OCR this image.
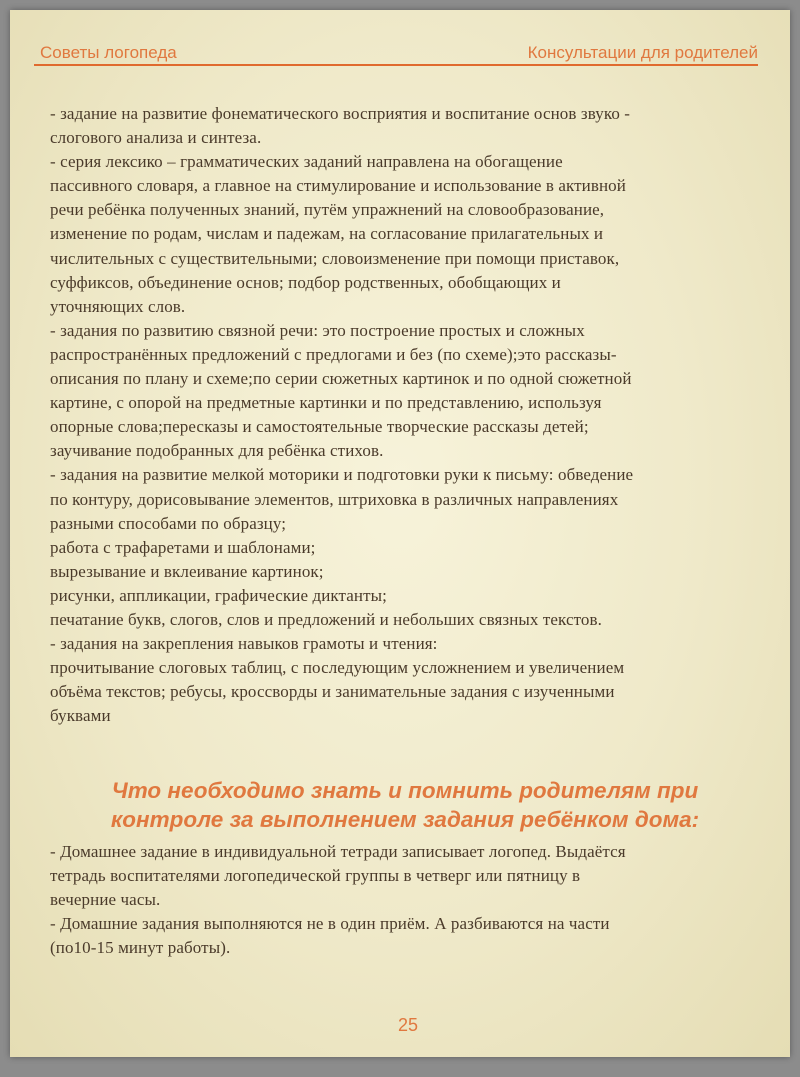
Советы логопеда	Консультации для родителей
- задание на развитие фонематического восприятия и воспитание основ звуко -
слогового анализа и синтеза.
- серия лексико – грамматических заданий направлена на обогащение
пассивного словаря, а главное на стимулирование и использование в активной
речи ребёнка полученных знаний, путём упражнений на словообразование,
изменение по родам, числам и падежам, на согласование прилагательных и
числительных с существительными; словоизменение при помощи приставок,
суффиксов, объединение основ; подбор родственных, обобщающих и
уточняющих слов.
- задания по развитию связной речи: это построение простых и сложных
распространённых предложений с предлогами и без (по схеме);это рассказы-
описания по плану и схеме;по серии сюжетных картинок и по одной сюжетной
картине, с опорой на предметные картинки и по представлению, используя
опорные слова;пересказы и самостоятельные творческие рассказы детей;
заучивание подобранных для ребёнка стихов.
- задания на развитие мелкой моторики и подготовки руки к письму: обведение
по контуру, дорисовывание элементов, штриховка в различных направлениях
разными способами по образцу;
работа с трафаретами и шаблонами;
вырезывание и вклеивание картинок;
рисунки, аппликации, графические диктанты;
печатание букв, слогов, слов и предложений и небольших связных текстов.
- задания на закрепления навыков грамоты и чтения:
прочитывание слоговых таблиц, с последующим усложнением и увеличением
объёма текстов; ребусы, кроссворды и занимательные задания с изученными
буквами
Что необходимо знать и помнить родителям при
контроле за выполнением задания ребёнком дома:
- Домашнее задание в индивидуальной тетради записывает логопед. Выдаётся
тетрадь воспитателями логопедической группы в четверг или пятницу в
вечерние часы.
- Домашние задания выполняются не в один приём. А разбиваются на части
(по10-15 минут работы).
25
